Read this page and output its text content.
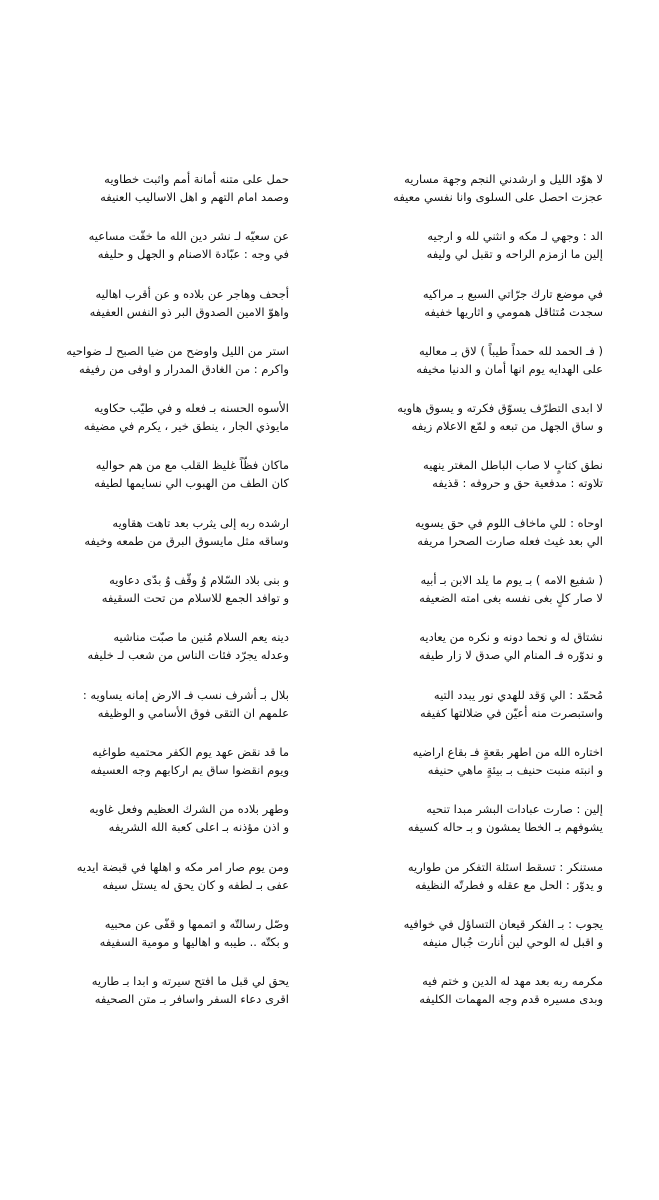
لا هوّد الليل و ارشدني النجم وجهة مساريه
عجزت احصل على السلوى وانا نفسي معيفه
الد : وجهي لـ مكه و انثني لله و ارجيه
إلين ما ازمزم الراحه و تقبل لي وليفه
في موضع تارك جرّاتي السبع بـ مراكيه
سجدت مُتثاقل همومي و اثاريها خفيفه
( فـ الحمد لله حمداً طيباً ) لاق بـ معاليه
على الهدايه يوم انها أمان و الدنيا مخيفه
لا ابدى التطرّف يسوّق فكرته و يسوق هاويه
و ساق الجهل من تبعه و لمّع الاعلام زيفه
نطق كتابٍ لا صاب الباطل المغتر ينهيه
تلاوته : مدفعية حق و حروفه : قذيفه
اوحاه : للي ماخاف اللوم في حق يسويه
الي بعد غيث فعله صارت الصحرا مريفه
( شفيع الامه ) بـ يوم ما يلد الابن بـ أبيه
لا صار كلٍ بغى نفسه بغى امته الضعيفه
نشتاق له و نحما دونه و نكره من يعاديه
و ندوّره فـ المنام الي صدق لا زار طيفه
مُحمّد : الي وَقد للهدي نور يبدد التيه
واستبصرت منه أعيّن في ضلالتها كفيفه
اختاره الله من اطهر بقعةٍ فـ بقاع اراضيه
و انبته منبت حنيف بـ بيئةٍ ماهي حنيفه
إلين : صارت عبادات البشر مبدا تنحيه
يشوفهم بـ الخطا يمشون و بـ حاله كسيفه
مستنكر : تسقط اسئلة التفكر من طواريه
و يدوّر : الحل مع عقله و فطرتّه النظيفه
يجوب : بـ الفكر قيعان التساؤل في خوافيه
و اقبل له الوحي لين أنارت جُبال منيفه
مكرمه ربه بعد مهد له الدين و ختم فيه
وبدى مسيره قدم وجه المهمات الكليفه
حمل على متنه أمانة أمم واثبت خطاويه
وصمد امام التهم و اهل الاساليب العنيفه
عن سعيّه لـ نشر دين الله ما خفّت مساعيه
في وجه : عبّادة الاصنام و الجهل و حليفه
أجحف وهاجر عن بلاده و عن أقرب اهاليه
واهوّ الامين الصدوق البر ذو النفس العفيفه
استر من الليل واوضح من ضيا الصبح لـ ضواحيه
واكرم : من الغادق المدرار و اوفى من رفيفه
الأسوه الحسنه بـ فعله و في طيّب حكاويه
مايوذي الجار ، ينطق خير ، يكرم في مضيفه
ماكان فظّاً غليظ القلب مع من هم حواليه
كان الطف من الهبوب الي نسايمها لطيفه
ارشده ربه إلى يثرب بعد تاهت هقاويه
وساقه مثل مايسوق البرق من طمعه وخيفه
و بنى بلاد السّلام وُ وقّف وُ بدّى دعاويه
و توافد الجمع للاسلام من تحت السقيفه
دينه يعم السلام مُنين ما صبّت مناشيه
وعدله يجرّد فئات الناس من شعب لـ خليفه
بلال بـ أشرف نسب فـ الارض إمانه يساويه :
علمهم ان التقى فوق الأسامي و الوظيفه
ما قد نقض عهد يوم الكفر محتميه طواغيه
ويوم انقضوا ساق يم اركابهم وجه العسيفه
وطهر بلاده من الشرك العظيم وفعل غاويه
و اذن مؤذنه بـ اعلى كعبة الله الشريفه
ومن يوم صار امر مكه و اهلها في قبضة ايديه
عفى بـ لطفه و كان يحق له يستل سيفه
وصّل رسالتّه و اتممها و قفّى عن محبيه
و بكتّه .. طيبه و اهاليها و مومية السفيفه
يحق لي قبل ما افتح سيرته و ابدا بـ طاريه
اقرى دعاء السفر واسافر بـ متن الصحيفه
